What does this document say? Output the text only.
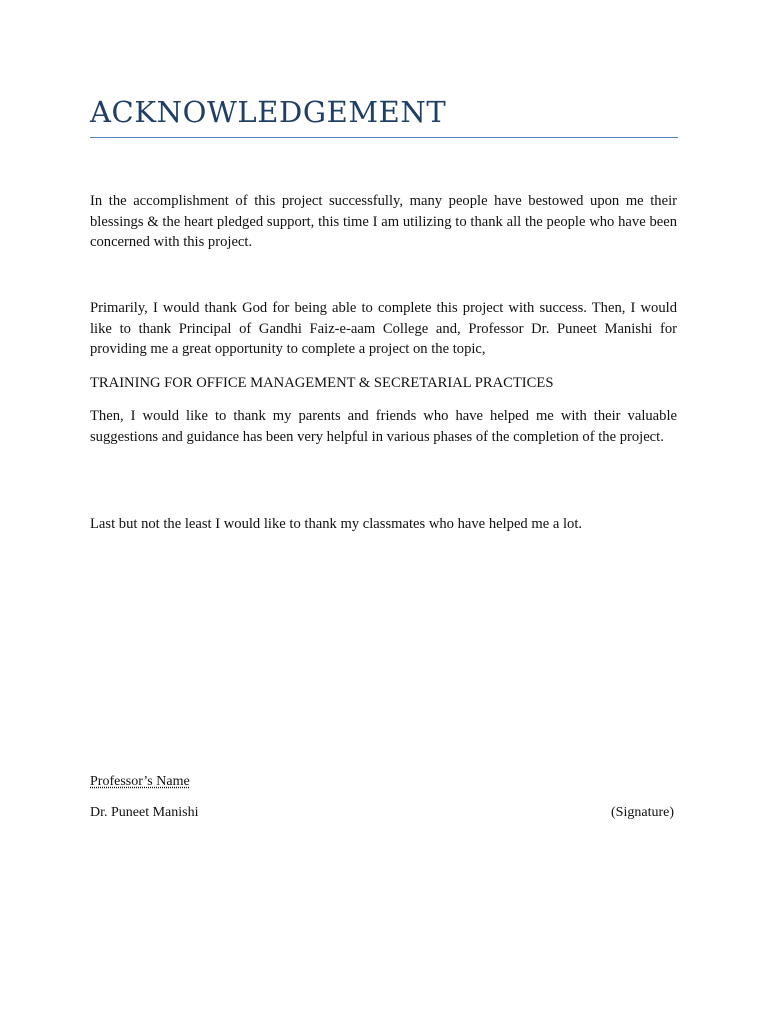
ACKNOWLEDGEMENT

In the accomplishment of this project successfully, many people have bestowed upon me their blessings & the heart pledged support, this time I am utilizing to thank all the people who have been concerned with this project.

Primarily, I would thank God for being able to complete this project with success. Then, I would like to thank Principal of Gandhi Faiz-e-aam College and, Professor Dr. Puneet Manishi for providing me a great opportunity to complete a project on the topic,

TRAINING FOR OFFICE MANAGEMENT & SECRETARIAL PRACTICES

Then, I would like to thank my parents and friends who have helped me with their valuable suggestions and guidance has been very helpful in various phases of the completion of the project.

Last but not the least I would like to thank my classmates who have helped me a lot.

Professor’s Name
Dr. Puneet Manishi	(Signature)
